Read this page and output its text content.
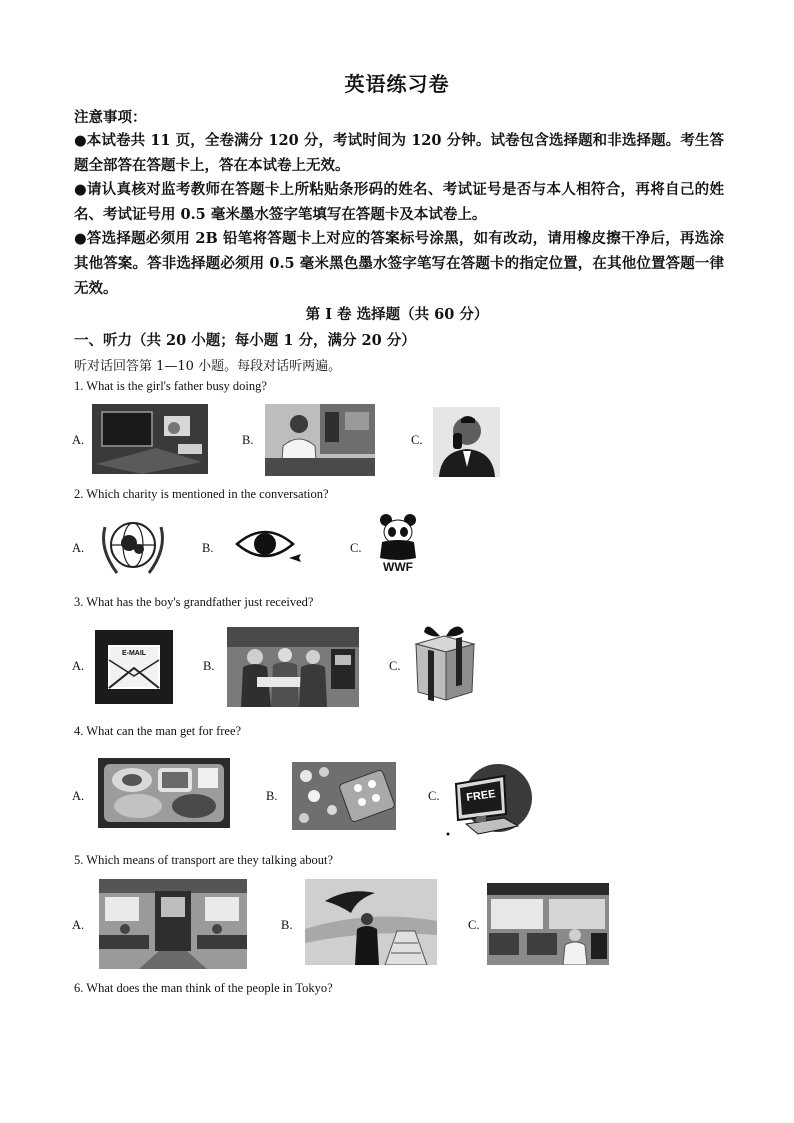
英语练习卷
注意事项：
●本试卷共 11 页，全卷满分 120 分，考试时间为 120 分钟。试卷包含选择题和非选择题。考生答题全部答在答题卡上，答在本试卷上无效。
●请认真核对监考教师在答题卡上所粘贴条形码的姓名、考试证号是否与本人相符合，再将自己的姓名、考试证号用 0.5 毫米墨水签字笔填写在答题卡及本试卷上。
●答选择题必须用 2B 铅笔将答题卡上对应的答案标号涂黑，如有改动，请用橡皮擦干净后，再选涂其他答案。答非选择题必须用 0.5 毫米黑色墨水签字笔写在答题卡的指定位置，在其他位置答题一律无效。
第 I 卷 选择题（共 60 分）
一、听力（共 20 小题；每小题 1 分，满分 20 分）
听对话回答第 1—10 小题。每段对话听两遍。
1. What is the girl's father busy doing?
A.	B.	C.
2. Which charity is mentioned in the conversation?
A.	B.	C.
WWF
3. What has the boy's grandfather just received?
A.
E-MAIL
B.	C.
4. What can the man get for free?
A.	B.	C.	FREE
5. Which means of transport are they talking about?
A.	B.	C.
6. What does the man think of the people in Tokyo?
